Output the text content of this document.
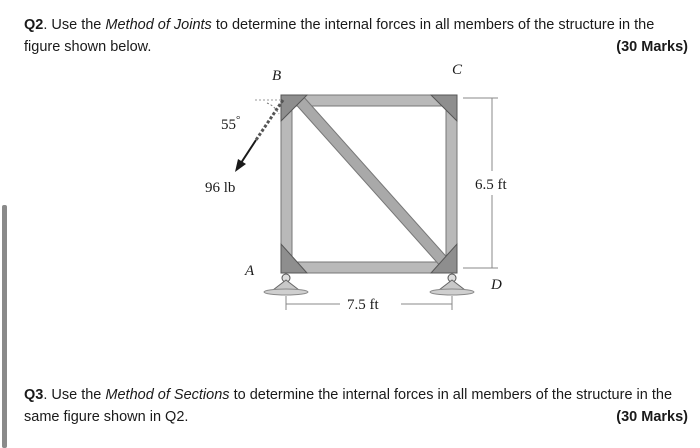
Q2. Use the Method of Joints to determine the internal forces in all members of the structure in the
figure shown below.	(30 Marks)
B	C
A
D
55°
96 lb	6.5 ft
7.5 ft
Q3. Use the Method of Sections to determine the internal forces in all members of the structure in the
same figure shown in Q2.	(30 Marks)
